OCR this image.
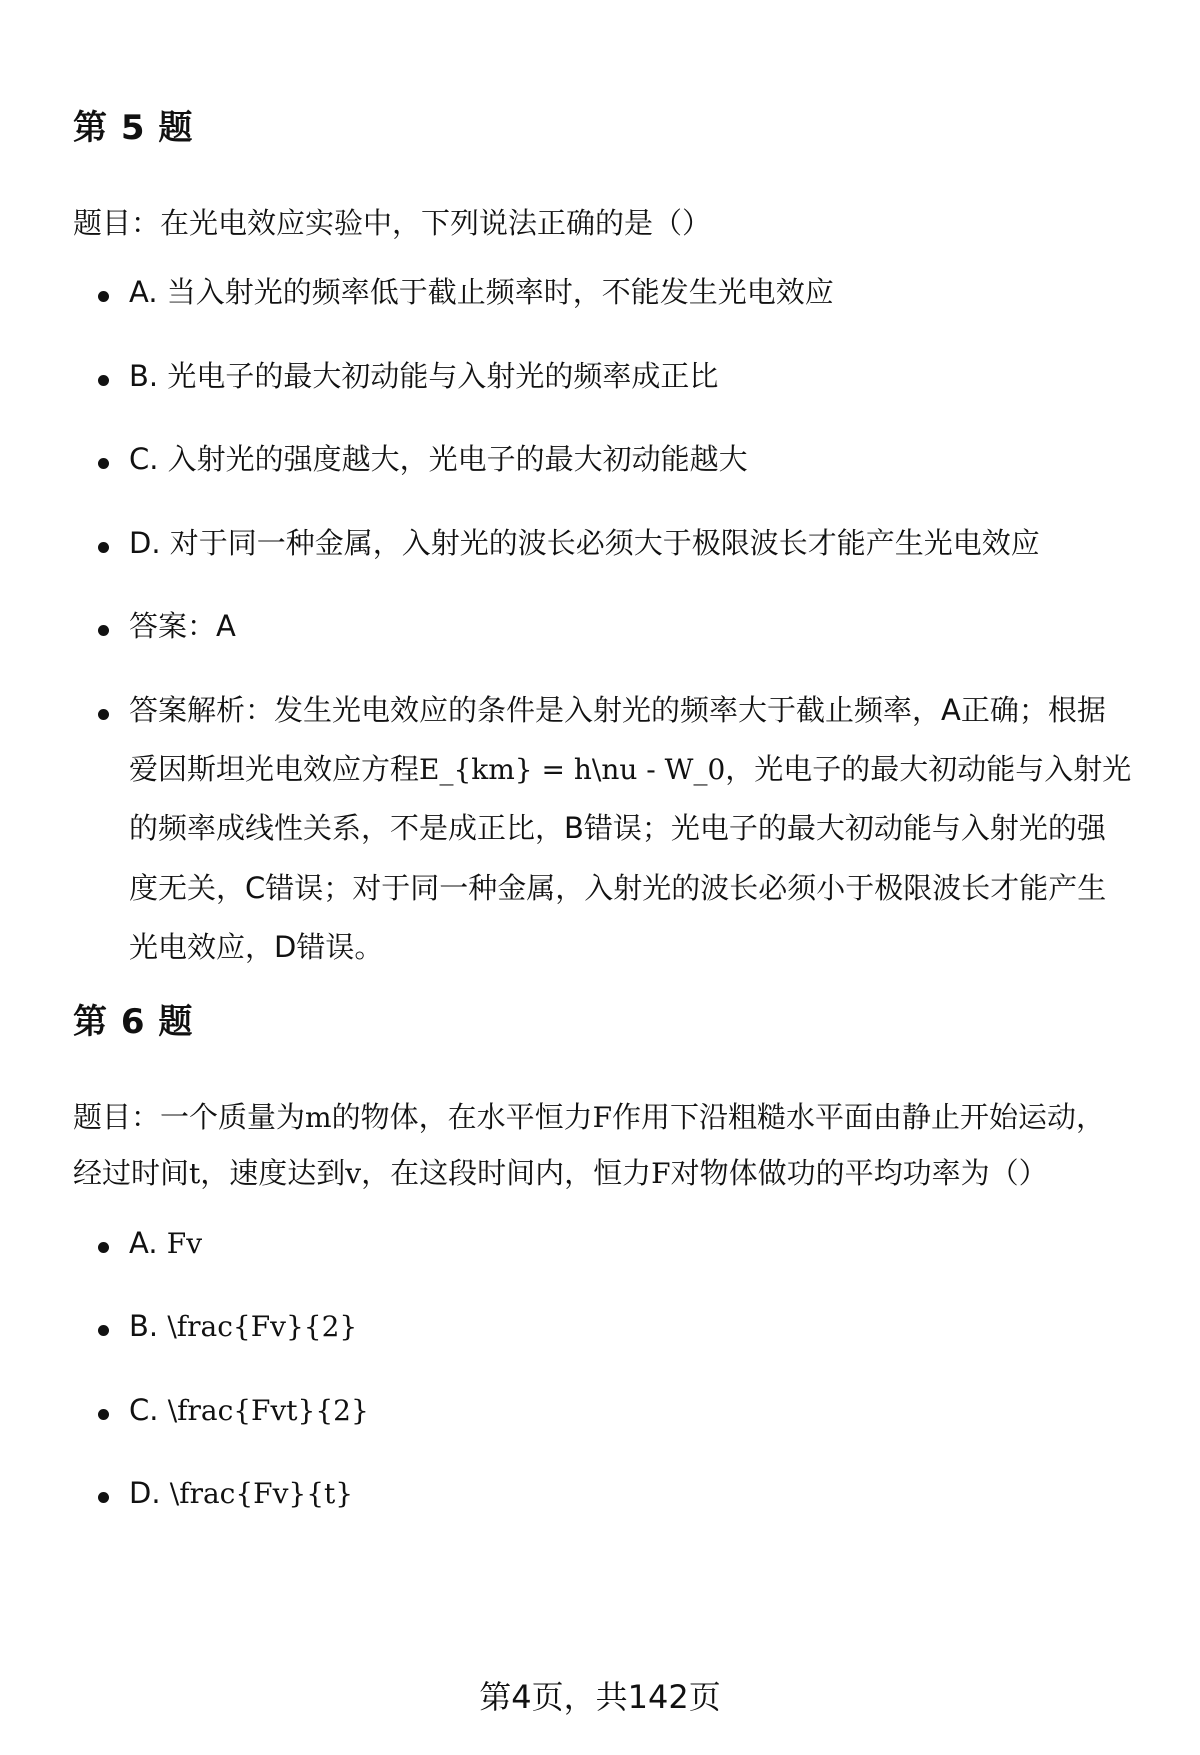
第 5 题

题目：在光电效应实验中，下列说法正确的是（）

A. 当入射光的频率低于截止频率时，不能发生光电效应
B. 光电子的最大初动能与入射光的频率成正比
C. 入射光的强度越大，光电子的最大初动能越大
D. 对于同一种金属，入射光的波长必须大于极限波长才能产生光电效应
答案：A
答案解析：发生光电效应的条件是入射光的频率大于截止频率，A正确；根据爱因斯坦光电效应方程E_{km} = h\nu - W_0，光电子的最大初动能与入射光的频率成线性关系，不是成正比，B错误；光电子的最大初动能与入射光的强度无关，C错误；对于同一种金属，入射光的波长必须小于极限波长才能产生光电效应，D错误。
第 6 题

题目：一个质量为m的物体，在水平恒力F作用下沿粗糙水平面由静止开始运动，经过时间t，速度达到v，在这段时间内，恒力F对物体做功的平均功率为（）

A. Fv
B. \frac{Fv}{2}
C. \frac{Fvt}{2}
D. \frac{Fv}{t}
第4页，共142页
